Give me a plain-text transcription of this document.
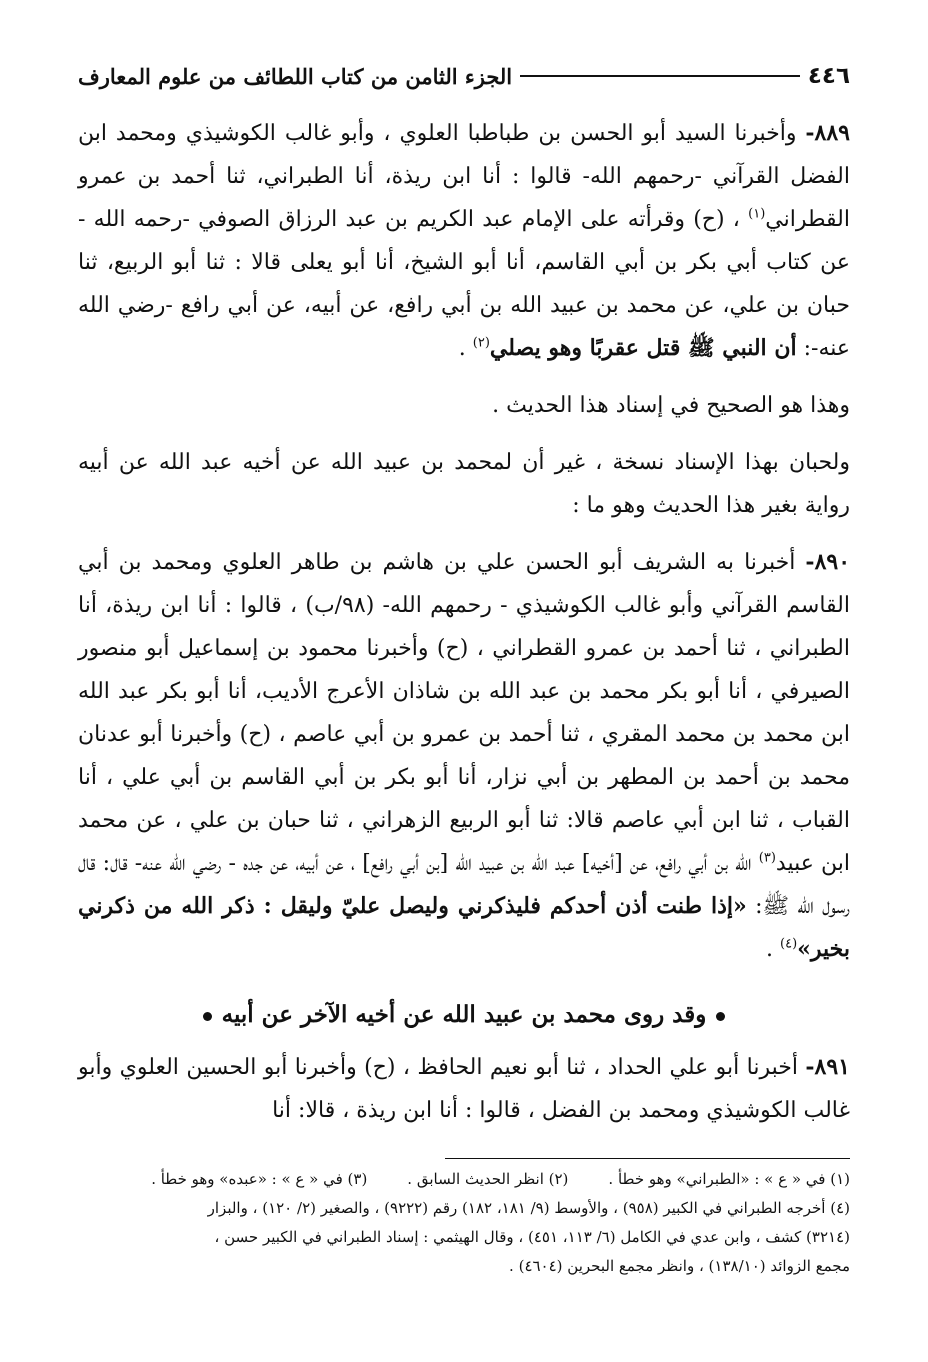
٤٤٦
الجزء الثامن من كتاب اللطائف من علوم المعارف

٨٨٩- وأخبرنا السيد أبو الحسن بن طباطبا العلوي ، وأبو غالب الكوشيذي ومحمد ابن الفضل القرآني -رحمهم الله- قالوا : أنا ابن ريذة، أنا الطبراني، ثنا أحمد بن عمرو القطراني$^{(١)}$ ، (ح) وقرأته على الإمام عبد الكريم بن عبد الرزاق الصوفي -رحمه الله - عن كتاب أبي بكر بن أبي القاسم، أنا أبو الشيخ، أنا أبو يعلى قالا : ثنا أبو الربيع، ثنا حبان بن علي، عن محمد بن عبيد الله بن أبي رافع، عن أبيه، عن أبي رافع -رضي الله عنه-: أن النبي ﷺ قتل عقربًا وهو يصلي$^{(٢)}$ .

وهذا هو الصحيح في إسناد هذا الحديث .

ولحبان بهذا الإسناد نسخة ، غير أن لمحمد بن عبيد الله عن أخيه عبد الله عن أبيه رواية بغير هذا الحديث وهو ما :

٨٩٠- أخبرنا به الشريف أبو الحسن علي بن هاشم بن طاهر العلوي ومحمد بن أبي القاسم القرآني وأبو غالب الكوشيذي - رحمهم الله- (٩٨/ب) ، قالوا : أنا ابن ريذة، أنا الطبراني ، ثنا أحمد بن عمرو القطراني ، (ح) وأخبرنا محمود بن إسماعيل أبو منصور الصيرفي ، أنا أبو بكر محمد بن عبد الله بن شاذان الأعرج الأديب، أنا أبو بكر عبد الله ابن محمد بن محمد المقري ، ثنا أحمد بن عمرو بن أبي عاصم ، (ح) وأخبرنا أبو عدنان محمد بن أحمد بن المطهر بن أبي نزار، أنا أبو بكر بن أبي القاسم بن أبي علي ، أنا القباب ، ثنا ابن أبي عاصم قالا: ثنا أبو الربيع الزهراني ، ثنا حبان بن علي ، عن محمد ابن عبيد$^{(٣)}$ الله بن أبي رافع، عن [أخيه] عبد الله بن عبيد الله [بن أبي رافع] ، عن أبيه، عن جده - رضي الله عنه- قال: قال رسول الله ﷺ: «إذا طنت أذن أحدكم فليذكرني وليصل عليّ وليقل : ذكر الله من ذكرني بخير»$^{(٤)}$ .

وقد روى محمد بن عبيد الله عن أخيه الآخر عن أبيه

٨٩١- أخبرنا أبو علي الحداد ، ثنا أبو نعيم الحافظ ، (ح) وأخبرنا أبو الحسين العلوي وأبو غالب الكوشيذي ومحمد بن الفضل ، قالوا : أنا ابن ريذة ، قالا: أنا

(١) في « ع » : «الطبراني» وهو خطأ .
(٢) انظر الحديث السابق .
(٣) في « ع » : «عبده» وهو خطأ .
(٤) أخرجه الطبراني في الكبير (٩٥٨) ، والأوسط (٩/ ١٨١، ١٨٢) رقم (٩٢٢٢) ، والصغير (٢/ ١٢٠) ، والبزار
(٣٢١٤) كشف ، وابن عدي في الكامل (٦/ ١١٣، ٤٥١) ، وقال الهيثمي : إسناد الطبراني في الكبير حسن ،
مجمع الزوائد (١٣٨/١٠) ، وانظر مجمع البحرين (٤٦٠٤) .
